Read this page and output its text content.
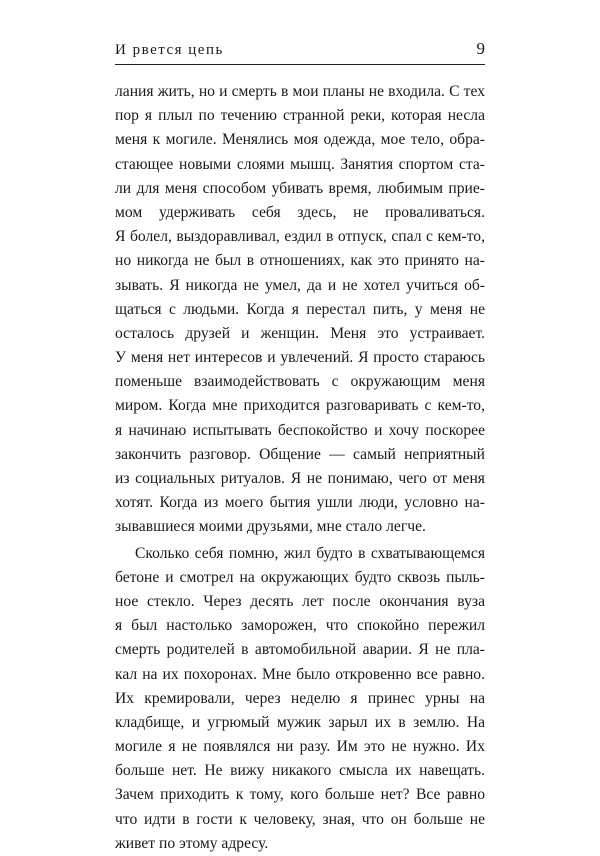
И рвется цепь	9

лания жить, но и смерть в мои планы не входила. С тех
пор я плыл по течению странной реки, которая несла
меня к могиле. Менялись моя одежда, мое тело, обра-
стающее новыми слоями мышц. Занятия спортом ста-
ли для меня способом убивать время, любимым прие-
мом удерживать себя здесь, не проваливаться.
Я болел, выздоравливал, ездил в отпуск, спал с кем-то,
но никогда не был в отношениях, как это принято на-
зывать. Я никогда не умел, да и не хотел учиться об-
щаться с людьми. Когда я перестал пить, у меня не
осталось друзей и женщин. Меня это устраивает.
У меня нет интересов и увлечений. Я просто стараюсь
поменьше взаимодействовать с окружающим меня
миром. Когда мне приходится разговаривать с кем-то,
я начинаю испытывать беспокойство и хочу поскорее
закончить разговор. Общение — самый неприятный
из социальных ритуалов. Я не понимаю, чего от меня
хотят. Когда из моего бытия ушли люди, условно на-
зывавшиеся моими друзьями, мне стало легче.

Сколько себя помню, жил будто в схватывающемся
бетоне и смотрел на окружающих будто сквозь пыль-
ное стекло. Через десять лет после окончания вуза
я был настолько заморожен, что спокойно пережил
смерть родителей в автомобильной аварии. Я не пла-
кал на их похоронах. Мне было откровенно все равно.
Их кремировали, через неделю я принес урны на
кладбище, и угрюмый мужик зарыл их в землю. На
могиле я не появлялся ни разу. Им это не нужно. Их
больше нет. Не вижу никакого смысла их навещать.
Зачем приходить к тому, кого больше нет? Все равно
что идти в гости к человеку, зная, что он больше не
живет по этому адресу.
